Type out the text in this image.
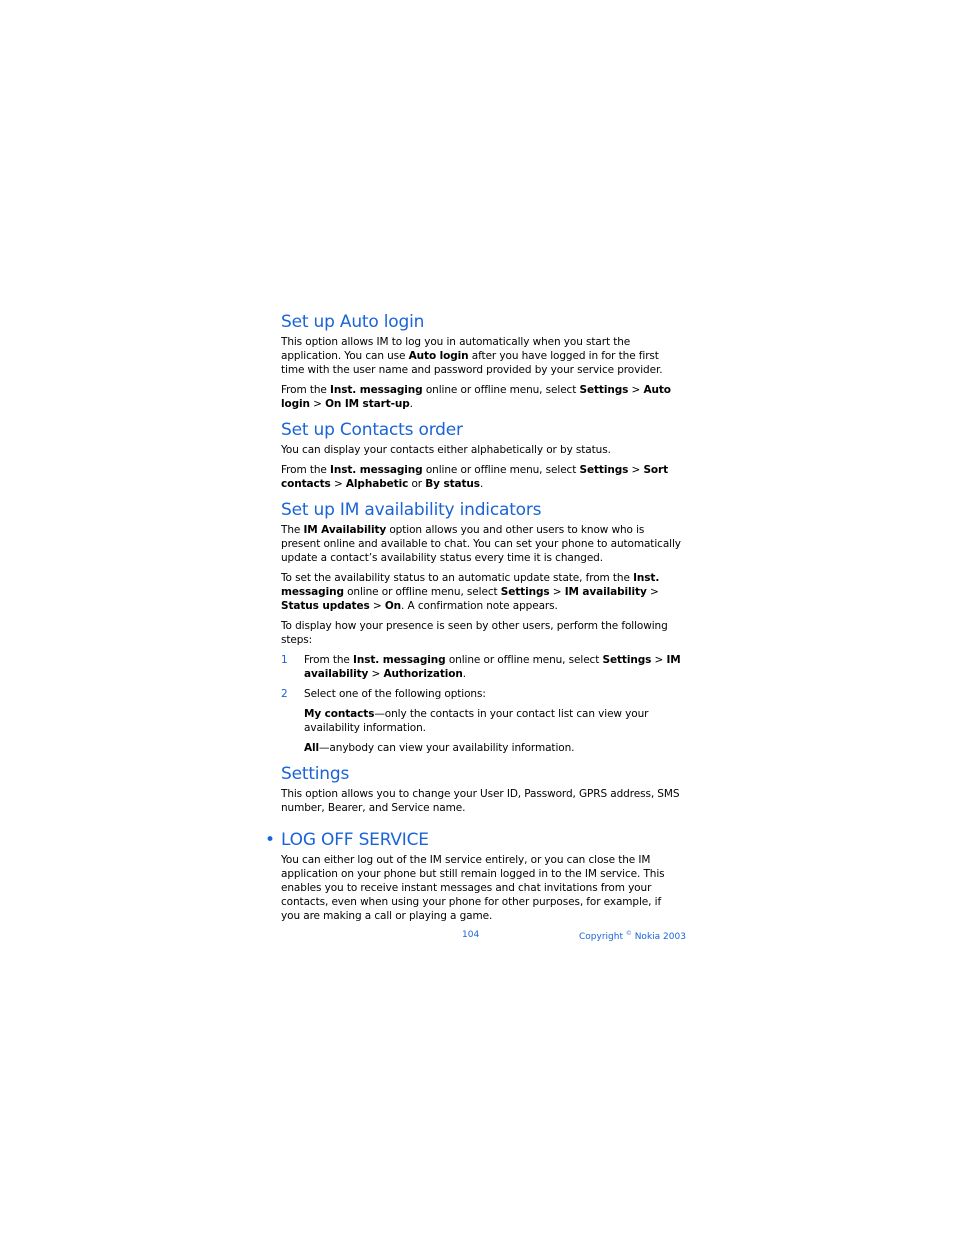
Set up Auto login

This option allows IM to log you in automatically when you start the application. You can use Auto login after you have logged in for the first time with the user name and password provided by your service provider.

From the Inst. messaging online or offline menu, select Settings > Auto login > On IM start-up.

Set up Contacts order

You can display your contacts either alphabetically or by status.

From the Inst. messaging online or offline menu, select Settings > Sort contacts > Alphabetic or By status.

Set up IM availability indicators

The IM Availability option allows you and other users to know who is present online and available to chat. You can set your phone to automatically update a contact’s availability status every time it is changed.

To set the availability status to an automatic update state, from the Inst. messaging online or offline menu, select Settings > IM availability > Status updates > On. A confirmation note appears.

To display how your presence is seen by other users, perform the following steps:

1 From the Inst. messaging online or offline menu, select Settings > IM availability > Authorization.
2 Select one of the following options:

My contacts—only the contacts in your contact list can view your availability information.

All—anybody can view your availability information.

Settings

This option allows you to change your User ID, Password, GPRS address, SMS number, Bearer, and Service name.

• LOG OFF SERVICE

You can either log out of the IM service entirely, or you can close the IM application on your phone but still remain logged in to the IM service. This enables you to receive instant messages and chat invitations from your contacts, even when using your phone for other purposes, for example, if you are making a call or playing a game.

104	Copyright © Nokia 2003
